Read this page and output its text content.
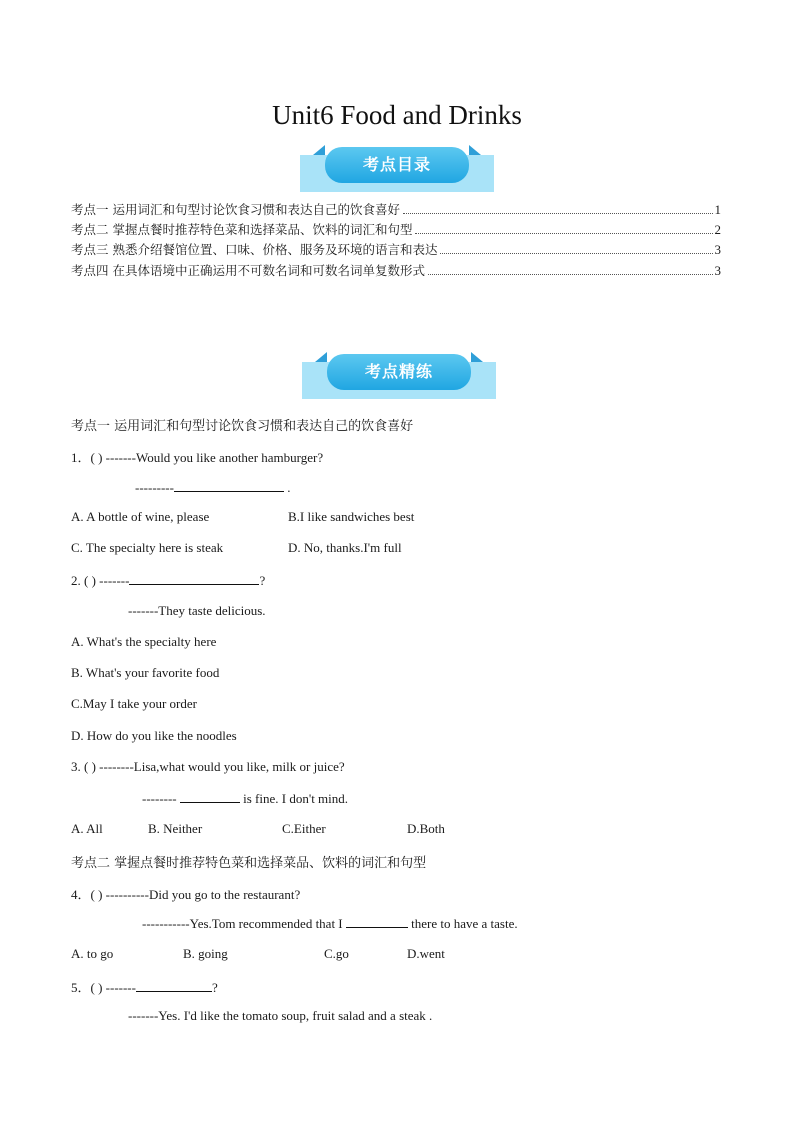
Unit6 Food and Drinks
考点目录
考点一 运用词汇和句型讨论饮食习惯和表达自己的饮食喜好	1
考点二 掌握点餐时推荐特色菜和选择菜品、饮料的词汇和句型	2
考点三 熟悉介绍餐馆位置、口味、价格、服务及环境的语言和表达	3
考点四 在具体语境中正确运用不可数名词和可数名词单复数形式	3
考点精练
考点一 运用词汇和句型讨论饮食习惯和表达自己的饮食喜好
1．( ) -------Would you like another hamburger?
---------	.
A. A bottle of wine, please	B.I like sandwiches best
C. The specialty here is steak	D. No, thanks.I'm full
2. ( ) -------	?
-------They taste delicious.
A. What's the specialty here
B. What's your favorite food
C.May I take your order
D. How do you like the noodles
3. ( ) --------Lisa,what would you like, milk or juice?
--------	is fine. I don't mind.
A. All	B. Neither	C.Either	D.Both
考点二 掌握点餐时推荐特色菜和选择菜品、饮料的词汇和句型
4．( ) ----------Did you go to the restaurant?
-----------Yes.Tom recommended that I	there to have a taste.
A. to go	B. going	C.go	D.went
5．( ) -------	?
-------Yes. I'd like the tomato soup, fruit salad and a steak .
